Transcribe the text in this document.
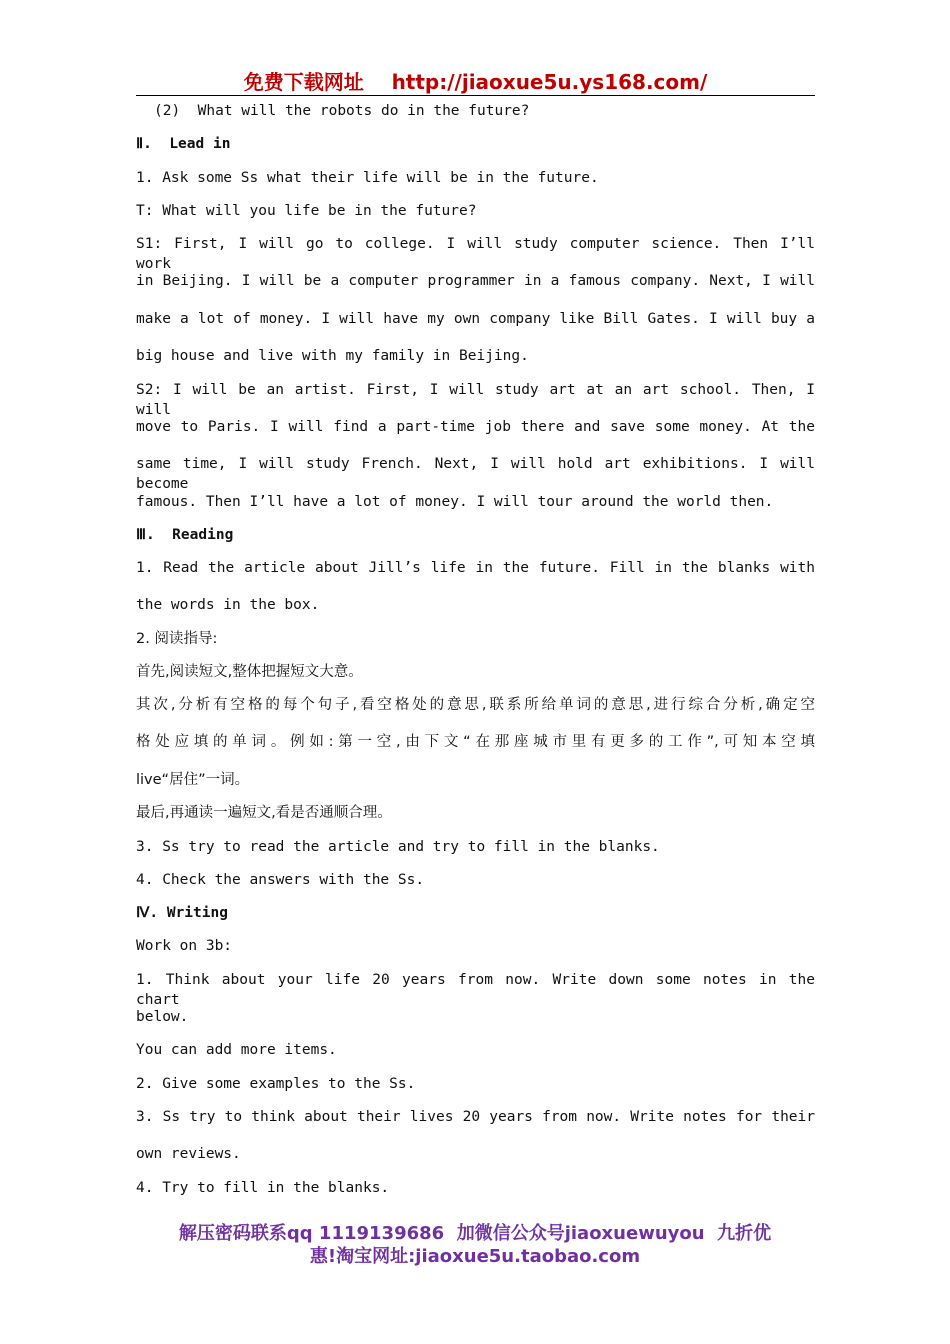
免费下载网址 http://jiaoxue5u.ys168.com/
(2)  What will the robots do in the future?
Ⅱ.  Lead in
1. Ask some Ss what their life will be in the future.
T: What will you life be in the future?
S1: First, I will go to college. I will study computer science. Then I’ll work
in Beijing. I will be a computer programmer in a famous company. Next, I will
make a lot of money. I will have my own company like Bill Gates. I will buy a
big house and live with my family in Beijing.
S2: I will be an artist. First, I will study art at an art school. Then, I will
move to Paris. I will find a part-time job there and save some money. At the
same time, I will study French. Next, I will hold art exhibitions. I will become
famous. Then I’ll have a lot of money. I will tour around the world then.
Ⅲ.  Reading
1. Read the article about Jill’s life in the future. Fill in the blanks with
the words in the box.
2. 阅读指导:
首先,阅读短文,整体把握短文大意。
其次,分析有空格的每个句子,看空格处的意思,联系所给单词的意思,进行综合分析,确定空
格处应填的单词。例如:第一空,由下文“在那座城市里有更多的工作”,可知本空填
live“居住”一词。
最后,再通读一遍短文,看是否通顺合理。
3. Ss try to read the article and try to fill in the blanks.
4. Check the answers with the Ss.
Ⅳ. Writing
Work on 3b:
1. Think about your life 20 years from now. Write down some notes in the chart
below.
You can add more items.
2. Give some examples to the Ss.
3. Ss try to think about their lives 20 years from now. Write notes for their
own reviews.
4. Try to fill in the blanks.
解压密码联系qq 1119139686  加微信公众号jiaoxuewuyou  九折优
惠!淘宝网址:jiaoxue5u.taobao.com
